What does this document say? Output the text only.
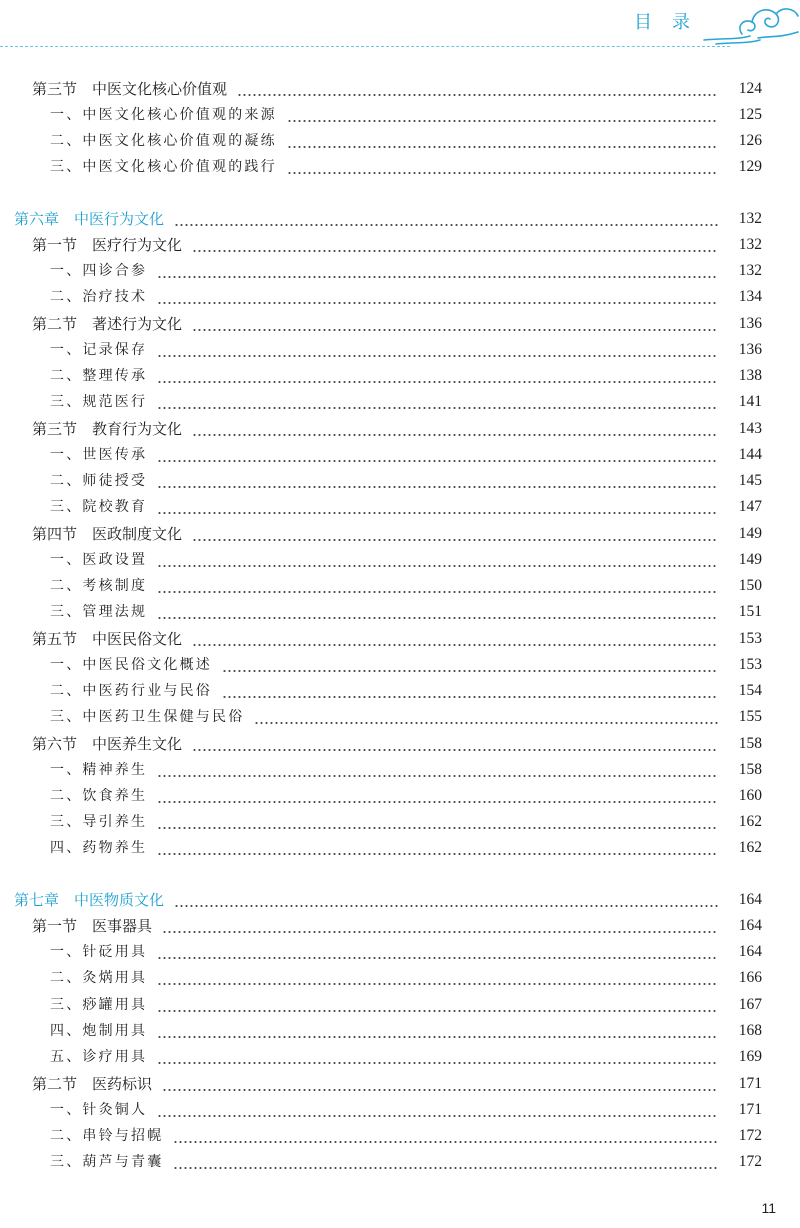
目录
第三节　中医文化核心价值观	124
一、中医文化核心价值观的来源	125
二、中医文化核心价值观的凝练	126
三、中医文化核心价值观的践行	129
第六章　中医行为文化	132
第一节　医疗行为文化	132
一、四诊合参	132
二、治疗技术	134
第二节　著述行为文化	136
一、记录保存	136
二、整理传承	138
三、规范医行	141
第三节　教育行为文化	143
一、世医传承	144
二、师徒授受	145
三、院校教育	147
第四节　医政制度文化	149
一、医政设置	149
二、考核制度	150
三、管理法规	151
第五节　中医民俗文化	153
一、中医民俗文化概述	153
二、中医药行业与民俗	154
三、中医药卫生保健与民俗	155
第六节　中医养生文化	158
一、精神养生	158
二、饮食养生	160
三、导引养生	162
四、药物养生	162
第七章　中医物质文化	164
第一节　医事器具	164
一、针砭用具	164
二、灸焫用具	166
三、痧罐用具	167
四、炮制用具	168
五、诊疗用具	169
第二节　医药标识	171
一、针灸铜人	171
二、串铃与招幌	172
三、葫芦与青囊	172
11
